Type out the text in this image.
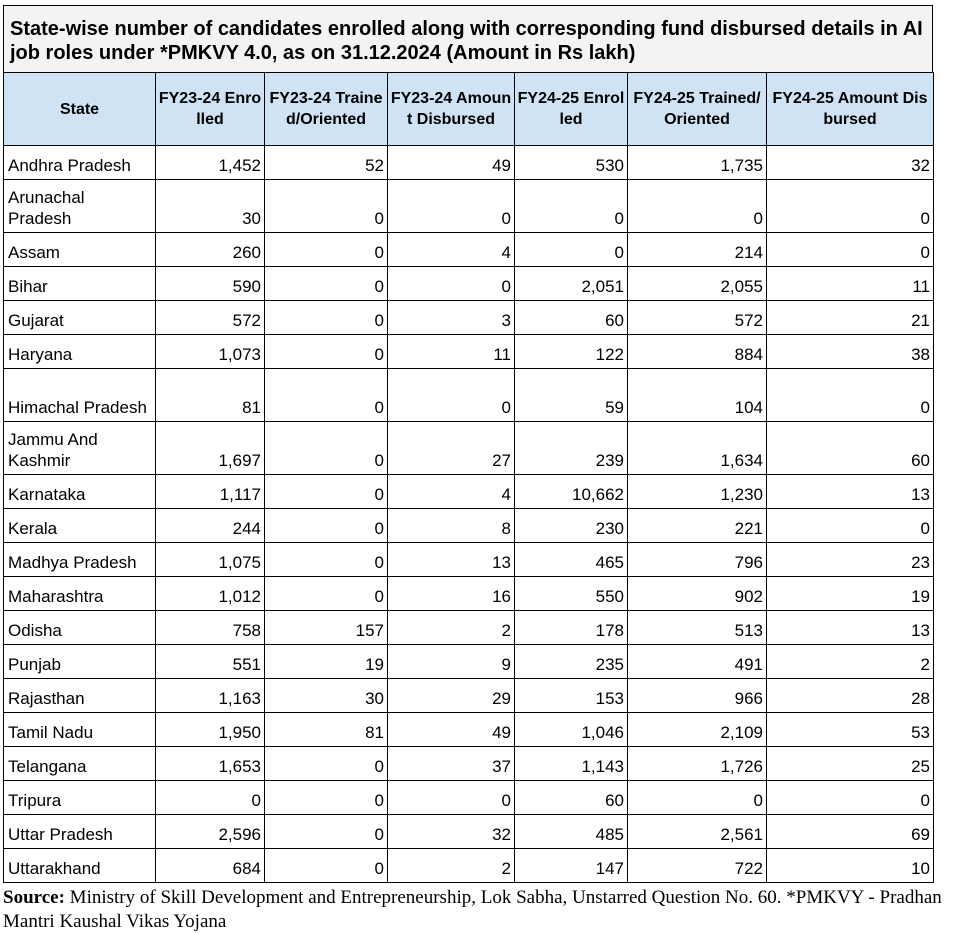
State-wise number of candidates enrolled along with corresponding fund disbursed details in AI job roles under *PMKVY 4.0, as on 31.12.2024 (Amount in Rs lakh)
State	FY23-24 Enrolled	FY23-24 Trained/Oriented	FY23-24 Amount Disbursed	FY24-25 Enrolled	FY24-25 Trained/Oriented	FY24-25 Amount Disbursed
Andhra Pradesh	1,452	52	49	530	1,735	32
Arunachal Pradesh	30	0	0	0	0	0
Assam	260	0	4	0	214	0
Bihar	590	0	0	2,051	2,055	11
Gujarat	572	0	3	60	572	21
Haryana	1,073	0	11	122	884	38
Himachal Pradesh	81	0	0	59	104	0
Jammu And Kashmir	1,697	0	27	239	1,634	60
Karnataka	1,117	0	4	10,662	1,230	13
Kerala	244	0	8	230	221	0
Madhya Pradesh	1,075	0	13	465	796	23
Maharashtra	1,012	0	16	550	902	19
Odisha	758	157	2	178	513	13
Punjab	551	19	9	235	491	2
Rajasthan	1,163	30	29	153	966	28
Tamil Nadu	1,950	81	49	1,046	2,109	53
Telangana	1,653	0	37	1,143	1,726	25
Tripura	0	0	0	60	0	0
Uttar Pradesh	2,596	0	32	485	2,561	69
Uttarakhand	684	0	2	147	722	10
Source: Ministry of Skill Development and Entrepreneurship, Lok Sabha, Unstarred Question No. 60. *PMKVY - Pradhan Mantri Kaushal Vikas Yojana
